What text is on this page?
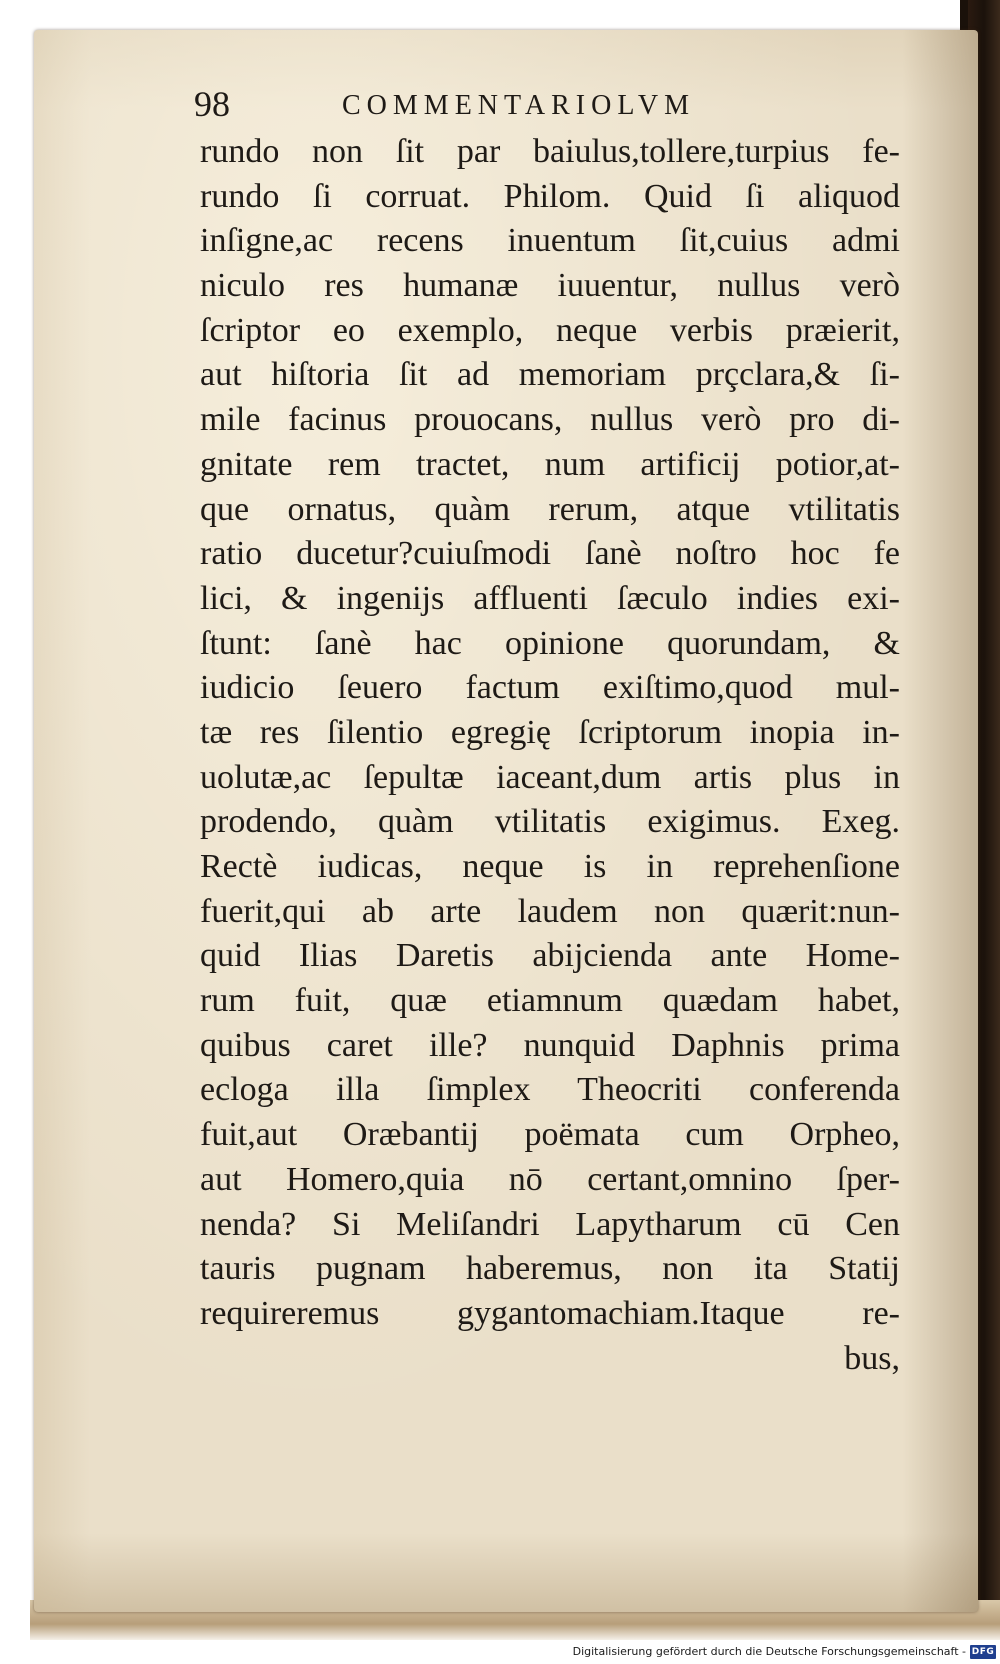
98	COMMENTARIOLVM
rundo non ſit par baiulus,tollere,turpius fe-
rundo ſi corruat. Philom. Quid ſi aliquod
inſigne,ac recens inuentum ſit,cuius admi
niculo res humanæ iuuentur, nullus verò
ſcriptor eo exemplo, neque verbis præierit,
aut hiſtoria ſit ad memoriam prçclara,& ſi-
mile facinus prouocans, nullus verò pro di-
gnitate rem tractet, num artificij potior,at-
que ornatus, quàm rerum, atque vtilitatis
ratio ducetur?cuiuſmodi ſanè noſtro hoc fe
lici, & ingenijs affluenti ſæculo indies exi-
ſtunt: ſanè hac opinione quorundam, &
iudicio ſeuero factum exiſtimo,quod mul-
tæ res ſilentio egregię ſcriptorum inopia in-
uolutæ,ac ſepultæ iaceant,dum artis plus in
prodendo, quàm vtilitatis exigimus. Exeg.
Rectè iudicas, neque is in reprehenſione
fuerit,qui ab arte laudem non quærit:nun-
quid Ilias Daretis abijcienda ante Home-
rum fuit, quæ etiamnum quædam habet,
quibus caret ille? nunquid Daphnis prima
ecloga illa ſimplex Theocriti conferenda
fuit,aut Oræbantij poëmata cum Orpheo,
aut Homero,quia nō certant,omnino ſper-
nenda? Si Meliſandri Lapytharum cū Cen
tauris pugnam haberemus, non ita Statij
requireremus gygantomachiam.Itaque re-
bus,
Digitalisierung gefördert durch die Deutsche Forschungsgemeinschaft - DFG
